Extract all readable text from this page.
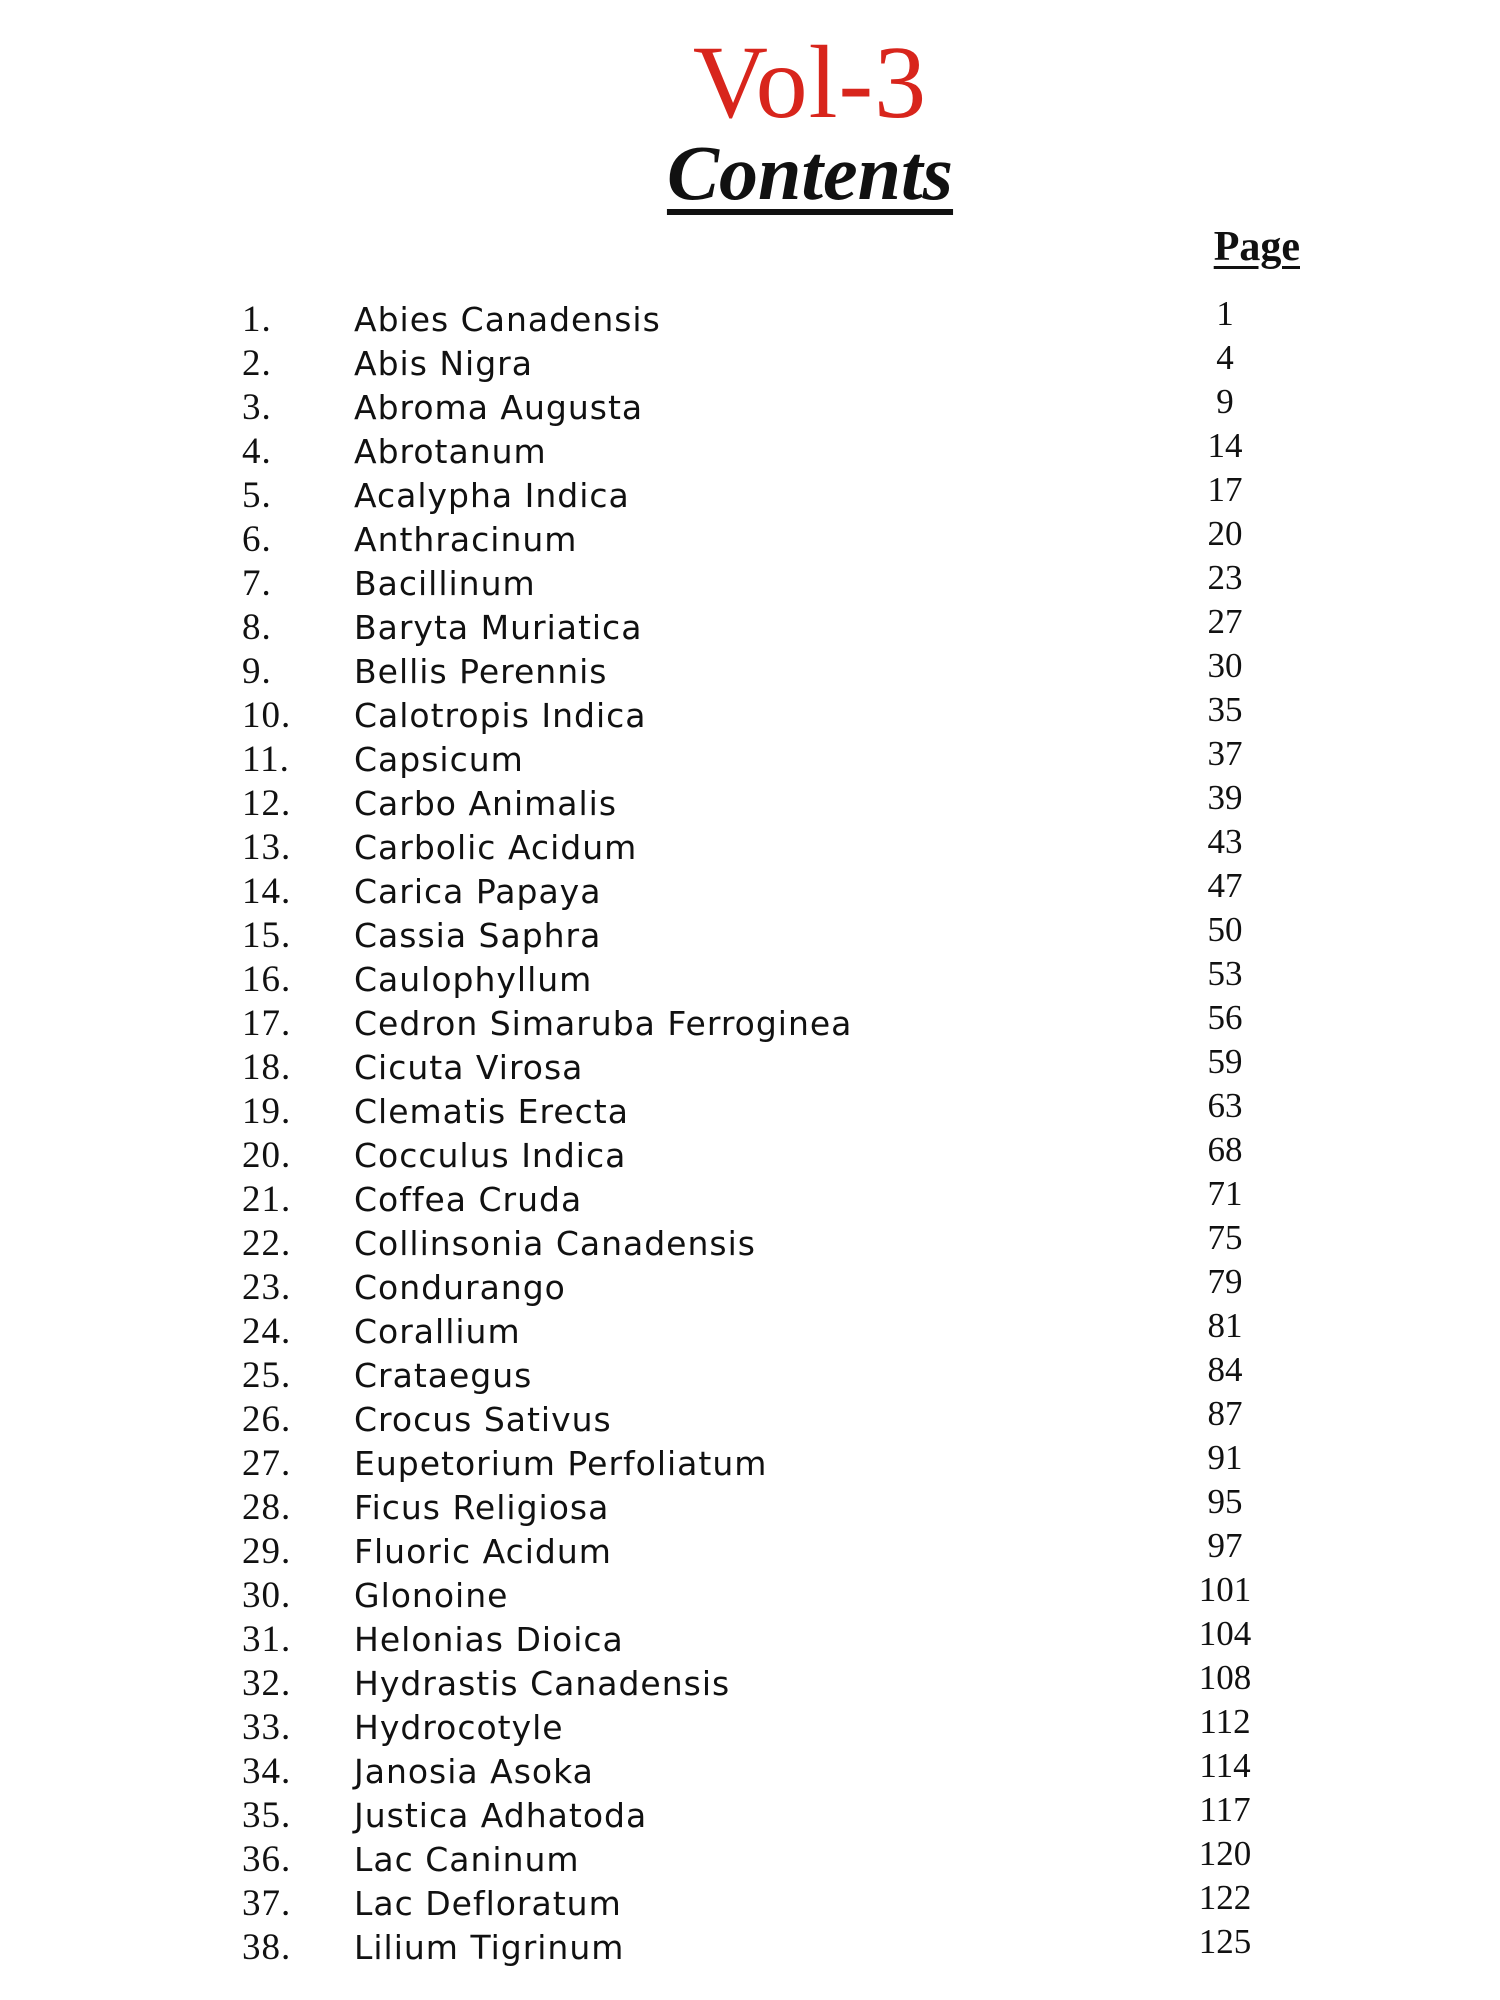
Vol-3
Contents
Page
1. Abies Canadensis	1
2. Abis Nigra	4
3. Abroma Augusta	9
4. Abrotanum	14
5. Acalypha Indica	17
6. Anthracinum	20
7. Bacillinum	23
8. Baryta Muriatica	27
9. Bellis Perennis	30
10. Calotropis Indica	35
11. Capsicum	37
12. Carbo Animalis	39
13. Carbolic Acidum	43
14. Carica Papaya	47
15. Cassia Saphra	50
16. Caulophyllum	53
17. Cedron Simaruba Ferroginea	56
18. Cicuta Virosa	59
19. Clematis Erecta	63
20. Cocculus Indica	68
21. Coffea Cruda	71
22. Collinsonia Canadensis	75
23. Condurango	79
24. Corallium	81
25. Crataegus	84
26. Crocus Sativus	87
27. Eupetorium Perfoliatum	91
28. Ficus Religiosa	95
29. Fluoric Acidum	97
30. Glonoine	101
31. Helonias Dioica	104
32. Hydrastis Canadensis	108
33. Hydrocotyle	112
34. Janosia Asoka	114
35. Justica Adhatoda	117
36. Lac Caninum	120
37. Lac Defloratum	122
38. Lilium Tigrinum	125
